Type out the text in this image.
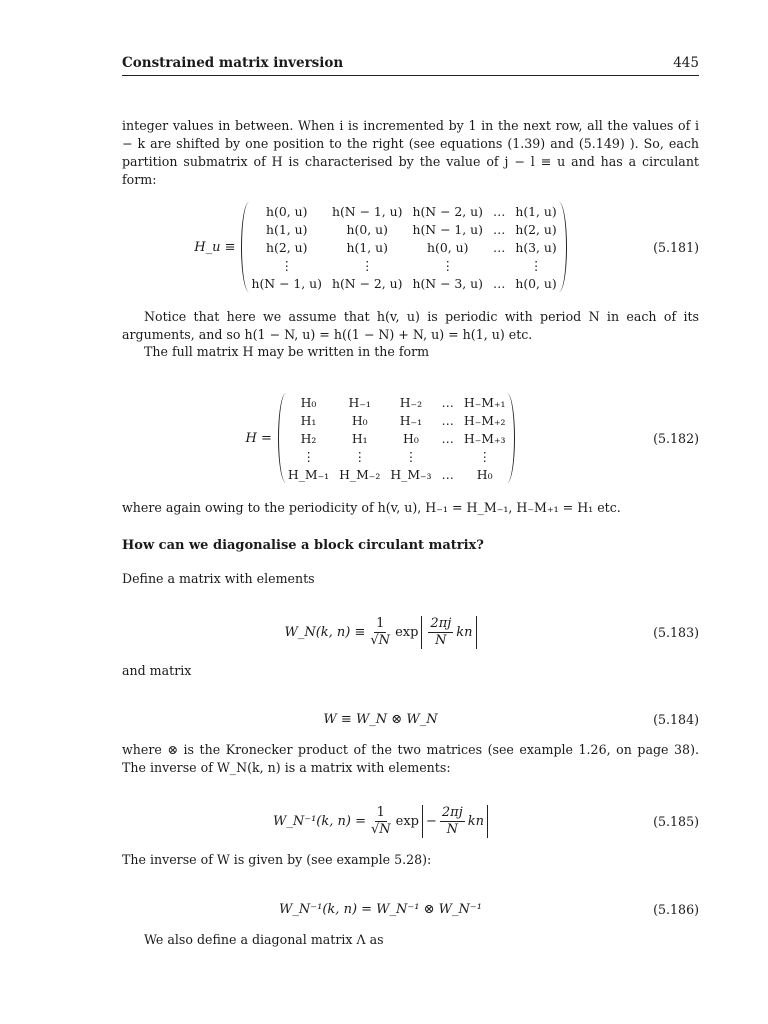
Constrained matrix inversion	445

integer values in between. When i is incremented by 1 in the next row, all the values of i − k are shifted by one position to the right (see equations (1.39) and (5.149) ). So, each partition submatrix of H is characterised by the value of j − l ≡ u and has a circulant form:

H_u ≡
h(0, u)	h(N − 1, u)	h(N − 2, u)	…	h(1, u)
h(1, u)	h(0, u)	h(N − 1, u)	…	h(2, u)
h(2, u)	h(1, u)	h(0, u)	…	h(3, u)
⋮	⋮	⋮		⋮
h(N − 1, u)	h(N − 2, u)	h(N − 3, u)	…	h(0, u)
(5.181)

Notice that here we assume that h(v, u) is periodic with period N in each of its arguments, and so h(1 − N, u) = h((1 − N) + N, u) = h(1, u) etc.

The full matrix H may be written in the form

H =
H₀	H₋₁	H₋₂	…	H₋M₊₁
H₁	H₀	H₋₁	…	H₋M₊₂
H₂	H₁	H₀	…	H₋M₊₃
⋮	⋮	⋮		⋮
H_M₋₁	H_M₋₂	H_M₋₃	…	H₀
(5.182)

where again owing to the periodicity of h(v, u), H₋₁ = H_M₋₁, H₋M₊₁ = H₁ etc.

How can we diagonalise a block circulant matrix?

Define a matrix with elements

W_N(k, $n) \equiv \frac{1}{√N}$ $\exp \frac{2\pi j}{N}$ kn	(5.183)

and matrix

W ≡ W_N ⊗ W_N	(5.184)

where ⊗ is the Kronecker product of the two matrices (see example 1.26, on page 38). The inverse of W_N(k, n) is a matrix with elements:

W_N⁻¹(k, $n) = \frac{1}{√N}$ $\exp - \frac{2\pi j}{N}$ kn	(5.185)

The inverse of W is given by (see example 5.28):

W_N⁻¹(k, n) = W_N⁻¹ ⊗ W_N⁻¹	(5.186)

We also define a diagonal matrix Λ as
